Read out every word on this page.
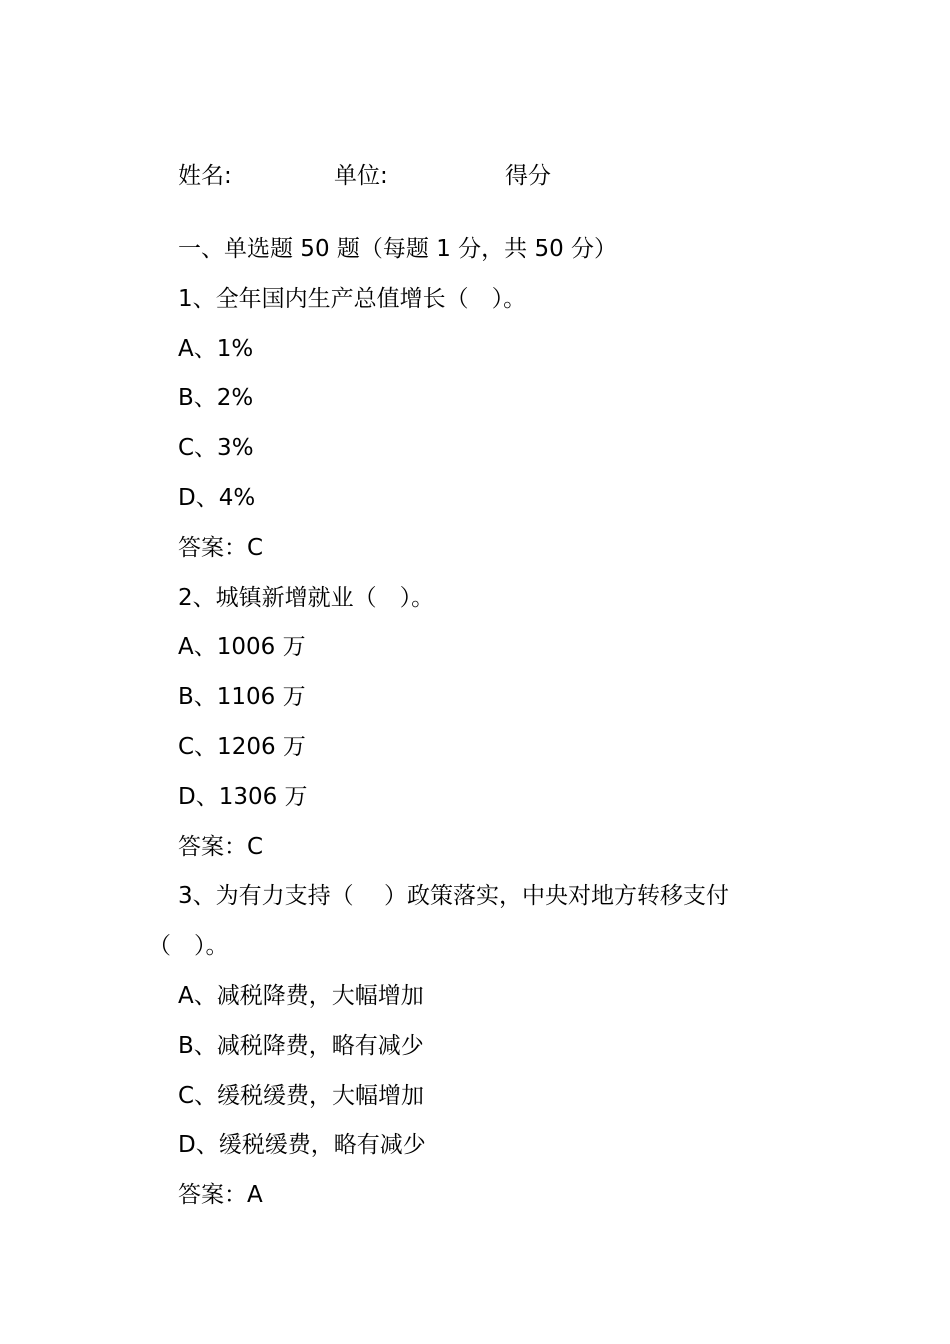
姓名:	单位:	得分
一、单选题 50 题（每题 1 分，共 50 分）
1、全年国内生产总值增长（　）。
A、1%
B、2%
C、3%
D、4%
答案：C
2、城镇新增就业（　）。
A、1006 万
B、1106 万
C、1206 万
D、1306 万
答案：C
3、为有力支持（　 ）政策落实，中央对地方转移支付（　）。
A、减税降费，大幅增加
B、减税降费，略有减少
C、缓税缓费，大幅增加
D、缓税缓费，略有减少
答案：A
